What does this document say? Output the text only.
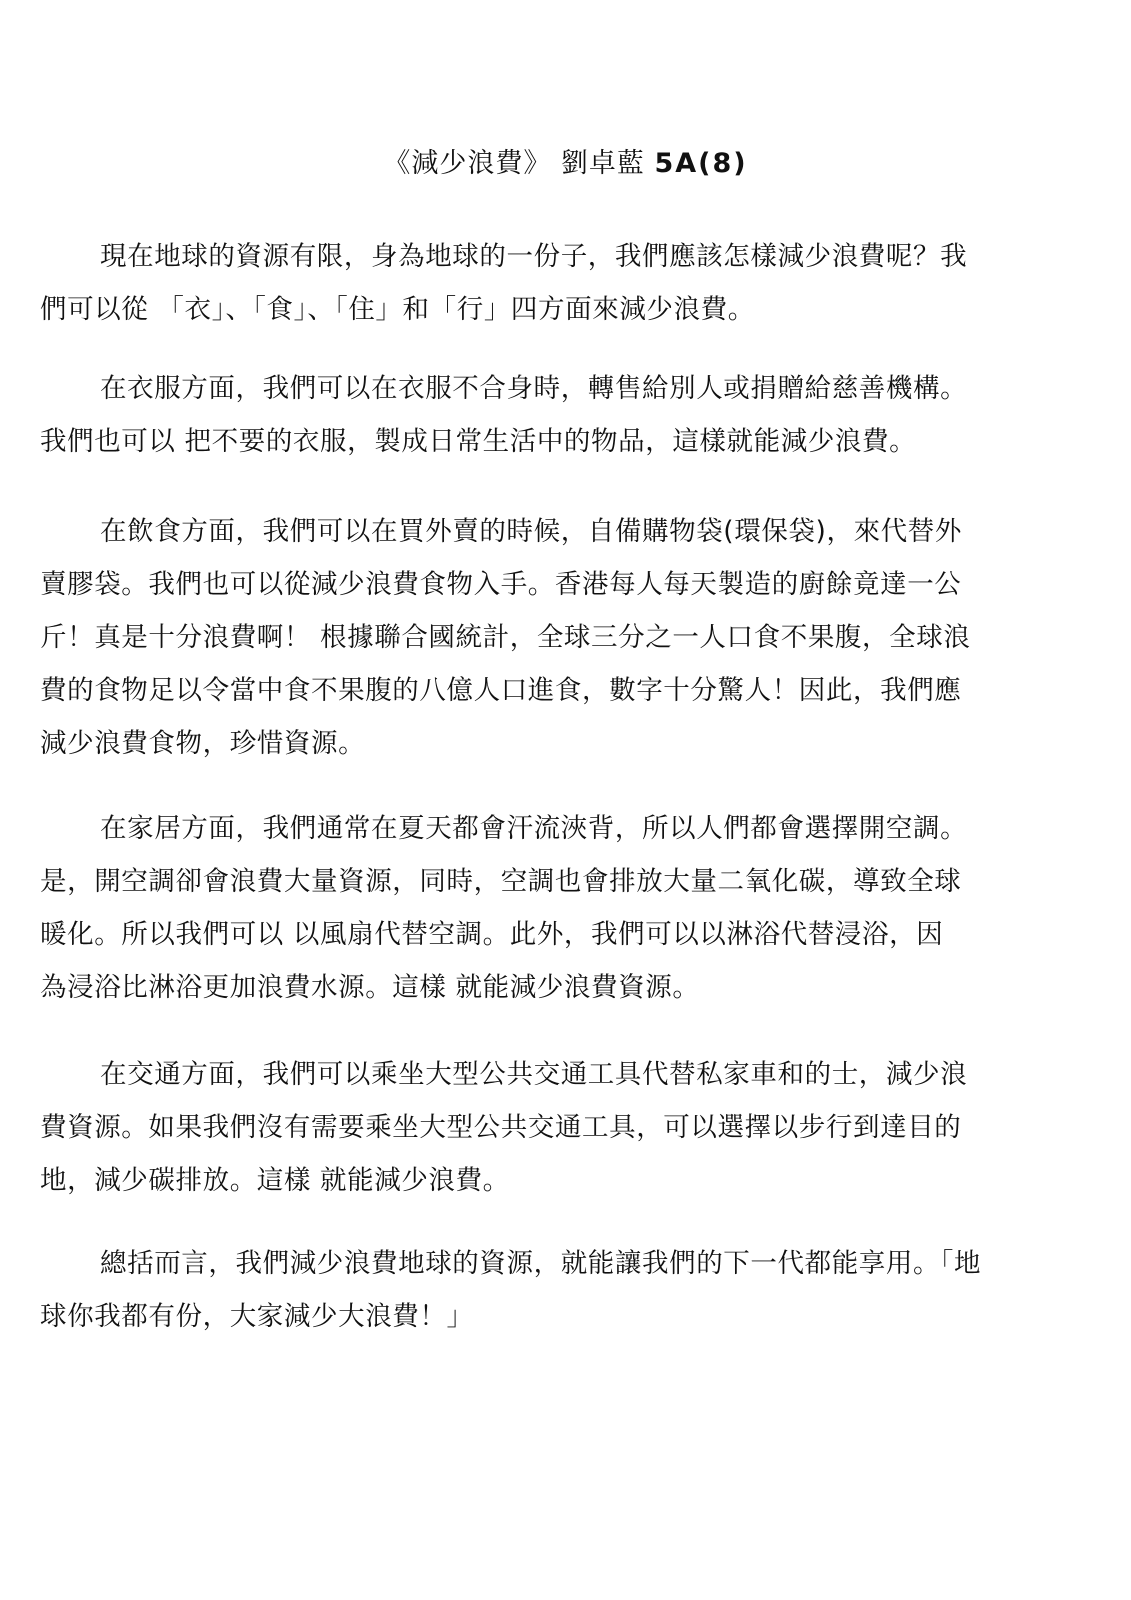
《減少浪費》 劉卓藍 5A(8)
現在地球的資源有限，身為地球的一份子，我們應該怎樣減少浪費呢？我
們可以從 「衣」、「食」、「住」和「行」四方面來減少浪費。
在衣服方面，我們可以在衣服不合身時，轉售給別人或捐贈給慈善機構。
我們也可以 把不要的衣服，製成日常生活中的物品，這樣就能減少浪費。
在飲食方面，我們可以在買外賣的時候，自備購物袋(環保袋)，來代替外
賣膠袋。我們也可以從減少浪費食物入手。香港每人每天製造的廚餘竟達一公
斤！真是十分浪費啊！ 根據聯合國統計，全球三分之一人口食不果腹，全球浪
費的食物足以令當中食不果腹的八億人口進食，數字十分驚人！因此，我們應
減少浪費食物，珍惜資源。
在家居方面，我們通常在夏天都會汗流浹背，所以人們都會選擇開空調。
是，開空調卻會浪費大量資源，同時，空調也會排放大量二氧化碳，導致全球
暖化。所以我們可以 以風扇代替空調。此外，我們可以以淋浴代替浸浴，因
為浸浴比淋浴更加浪費水源。這樣 就能減少浪費資源。
在交通方面，我們可以乘坐大型公共交通工具代替私家車和的士，減少浪
費資源。如果我們沒有需要乘坐大型公共交通工具，可以選擇以步行到達目的
地，減少碳排放。這樣 就能減少浪費。
總括而言，我們減少浪費地球的資源，就能讓我們的下一代都能享用。「地
球你我都有份，大家減少大浪費！」
